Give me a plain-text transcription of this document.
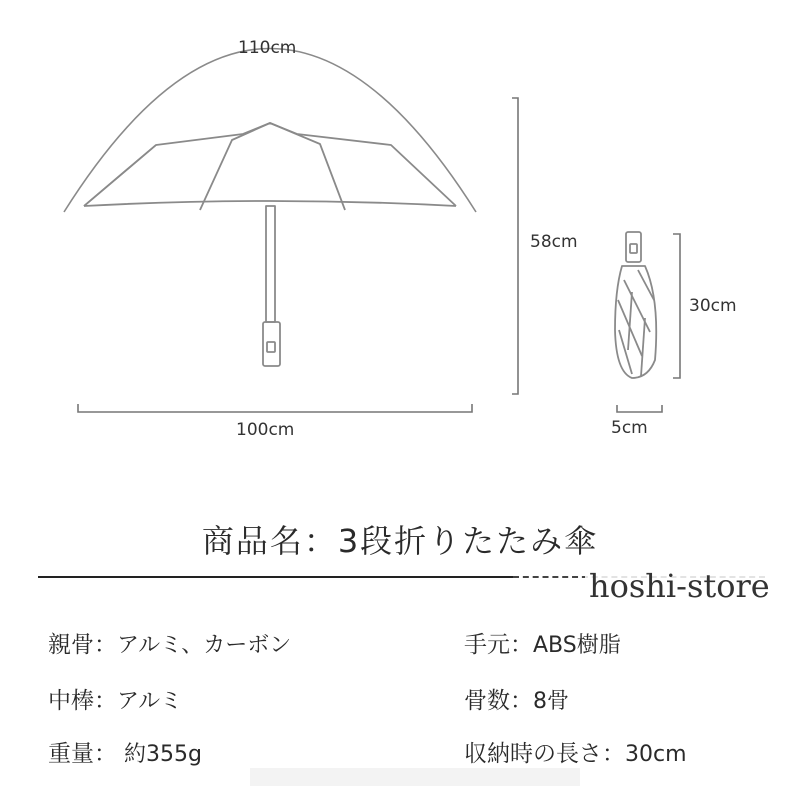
110cm
58cm
100cm
30cm
5cm
商品名：3段折りたたみ傘
hoshi-store
親骨：アルミ、カーボン	手元：ABS樹脂
中棒：アルミ	骨数：8骨
重量： 約355g	収納時の長さ：30cm
